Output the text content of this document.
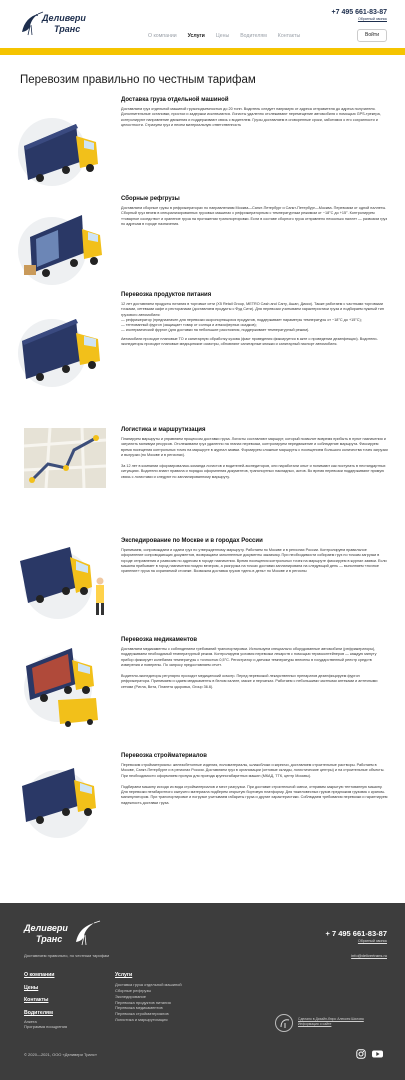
Деливери
Транс
+7 495 661-83-87
Обратный звонок
О компании Услуги Цены Водителям Контакты	Войти
Перевозим правильно по честным тарифам
Доставка груза отдельной машиной

Доставляем груз отдельной машиной грузоподъемностью до 20 тонн. Водитель следует напрямую от адреса отправителя до адреса получателя. Дополнительные остановки, простои и задержки исключаются. Логисты удаленно отслеживают перемещение автомобиля с помощью GPS-трекера, контролируют направление движения и поддерживают связь с водителем. Грузы доставляем в оговоренные сроки, заботимся о его сохранности и целостности. Страхуем груз и несем материальную ответственность

Сборные рефгрузы

Доставляем сборные грузы в рефрижераторах по направлениям Москва—Санкт-Петербург и Санкт-Петербург—Москва. Перевозим от одной паллеты. Сборный груз везем в специализированных грузовых машинах с рефрижераторным с температурным режимом от −18°C до +15°. Контролируем «товарное соседство» и хранение груза на протяжении транспортировки. Если в составе сборного груза отправлено несколько паллет — развозим груз по адресам в городе назначения.

Перевозка продуктов питания

12 лет доставляем продукты питания в торговые сети (X5 Retail Group, METRO Cash and Carry, Ашан, Дикси). Также работаем с частными торговыми точками, сетевыми кафе и ресторанами (доставляем продукты с Фуд Сити). Для перевозки учитываем характеристики груза и подбираем нужный тип грузового автомобиля:

— рефрижератор (предназначен для перевозки скоропортящихся продуктов, поддерживает параметры температуры от −18°C до +15°C);

— тентованный фургон (защищает товар от солнца и атмосферных осадков);

— изотермический фургон (для доставки на небольшие расстояния, поддерживает температурный режим).

Автомобили проходят плановые ТО и санитарную обработку кузова (факт проведения фиксируется в акте о проведении дезинфекции). Водители-экспедиторы проходят плановые медицинские осмотры, обновляют санитарные книжки и санитарный паспорт автомобиля.

Логистика и маршрутизация

Планируем маршруты и управляем процессом доставки груза. Логисты составляют маршрут, который позволит вовремя прибыть в пункт назначения и затратить минимум ресурсов. Отслеживаем груз удаленно на этапах перевозки, контролируем передвижение и соблюдение маршрута. Фиксируем время посещения контрольных точек на маршруте в журнал заявки. Формируем сложные маршруты с посещением большого количества точек загрузки и выгрузки (по Москве и в регионах).

За 12 лет в компании сформировалась команда логистов и водителей-экспедиторов, они наработали опыт и понимают как поступать в нестандартных ситуациях. Водители знают правила и порядок оформления документов, транспортных накладных, актов. Во время перевозки поддерживают прямую связь с логистами и следуют по запланированному маршруту.

Экспедирование по Москве и в городах России

Принимаем, сопровождаем и сдаем груз по утвержденному маршруту. Работаем по Москве и в регионах России. Контролируем правильное оформление сопроводающих документов, возвращаем заполненные документы заказчику. При необходимости собираем груз по точкам загрузки в городе отправления и развозим по адресам в городе назначения. Время посещения контрольных точек на маршруте фиксируем в журнал заявки. Если машина прибывает в город назначения поздно вечером, а разгрузка на точках доставки запланирована на следующий день — выполняем «ночное хранение» груза на охраняемой стоянке. Возможна доставка грузов «день в день» по Москве и в регионы

Перевозка медикаментов

Доставляем медикаменты с соблюдением требований транспортировки. Используем специально оборудованные автомобили (рефрижераторы), поддерживаем необходимый температурный режим. Контролируем условия перевозки лекарств с помощью термоконтейнеров — каждую минуту прибор фиксирует колебания температуры с точностью 0,5°С. Регистратор и датчики температуры внесены в государственный реестр средств измерения и поверены. По запросу предоставляем отчет.

Водители-экспедиторы регулярно проходят медицинский осмотр. Перед перевозкой лекарственных препаратов дезинфицируем фургон рефрижератора. Принимаем и сдаем медикаменты в белом халате, маске и перчатках. Работаем с небольшими частными аптеками и аптечными сетями (Ригла, Вита, Планета здоровья, Group 36.6).

Перевозка стройматериалов

Перевозим стройматериалы: железобетонные изделия, пиломатериалы, шлакоблоки и кирпичи, доставляем строительные растворы. Работаем в Москве, Санкт-Петербурге и в регионах России. Доставляем груз в организации (оптовые склады, логистические центры) и на строительные объекты. При необходимости оформляем пропуск для проезда крупногабаритных машин (МКАД, ТТК, центр Москвы).

Подбираем машину исходя из вида стройматериалов и мест разгрузки. При доставке строительной смеси, отправим закрытую тентованную машину. Для перевозки негабаритного сыпучего материала подберем открытую бортовую платформу. Для тяжеловесных грузов предложим грузовик с краном-манипулятором. При транспортировке и погрузке учитываем габариты груза и другие характеристики. Соблюдаем требования перевозки и гарантируем надежность доставки груза.

Деливери
Транс
Доставляем правильно, по честным тарифам
+ 7 495 661-83-87
Обратный звонок
info@delivertrans.ru
О компании
Цены
Контакты
Водителям
Анкета
Программа поощрения
Услуги
Доставка груза отдельной машиной
Сборные рефгрузы
Экспедирование
Перевозка продуктов питания
Перевозка медикаментов
Перевозка стройматериалов
Логистика и маршрутизация	Сделано в Дизайн-бюро Алексея Шилова
Информация о сайте
© 2020—2021, ООО «Деливери Транс»
